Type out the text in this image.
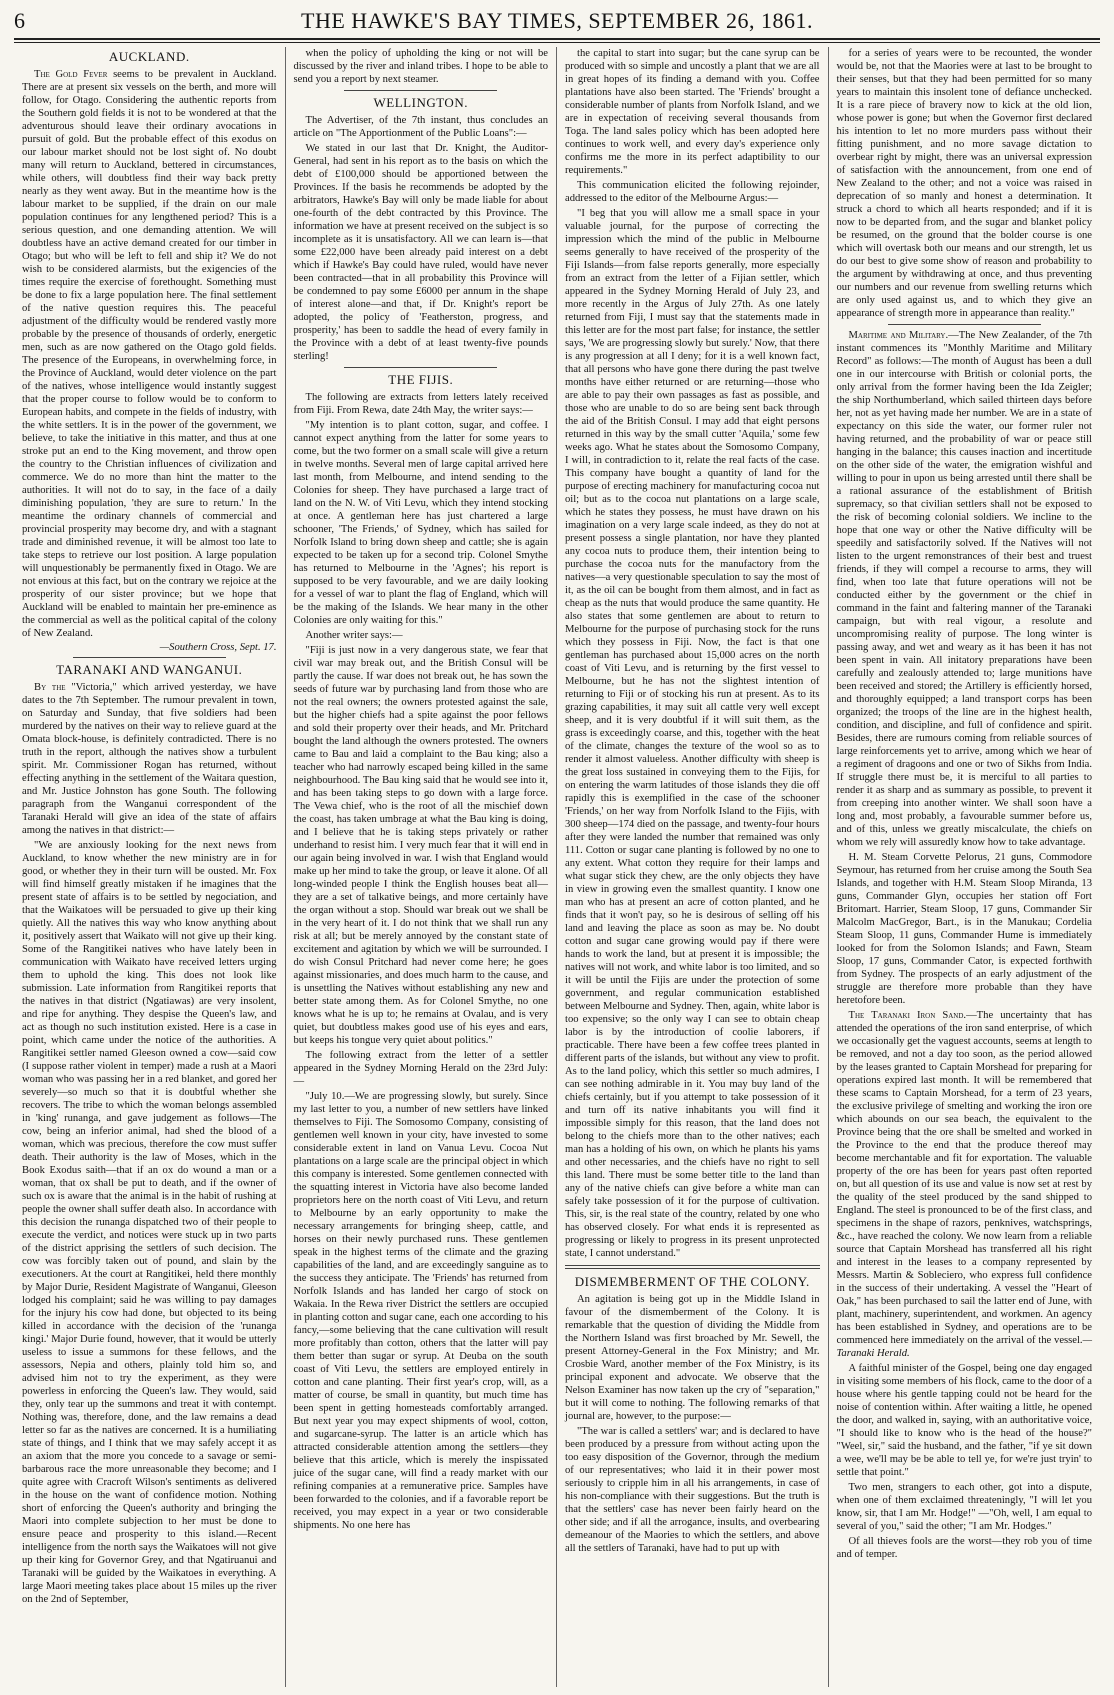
6	THE HAWKE'S BAY TIMES, SEPTEMBER 26, 1861.
AUCKLAND.

The Gold Fever seems to be prevalent in Auckland. There are at present six vessels on the berth, and more will follow, for Otago. Considering the authentic reports from the Southern gold fields it is not to be wondered at that the adventurous should leave their ordinary avocations in pursuit of gold. But the probable effect of this exodus on our labour market should not be lost sight of. No doubt many will return to Auckland, bettered in circumstances, while others, will doubtless find their way back pretty nearly as they went away. But in the meantime how is the labour market to be supplied, if the drain on our male population continues for any lengthened period? This is a serious question, and one demanding attention. We will doubtless have an active demand created for our timber in Otago; but who will be left to fell and ship it? We do not wish to be considered alarmists, but the exigencies of the times require the exercise of forethought. Something must be done to fix a large population here. The final settlement of the native question requires this. The peaceful adjustment of the difficulty would be rendered vastly more probable by the presence of thousands of orderly, energetic men, such as are now gathered on the Otago gold fields. The presence of the Europeans, in overwhelming force, in the Province of Auckland, would deter violence on the part of the natives, whose intelligence would instantly suggest that the proper course to follow would be to conform to European habits, and compete in the fields of industry, with the white settlers. It is in the power of the government, we believe, to take the initiative in this matter, and thus at one stroke put an end to the King movement, and throw open the country to the Christian influences of civilization and commerce. We do no more than hint the matter to the authorities. It will not do to say, in the face of a daily diminishing population, 'they are sure to return.' In the meantime the ordinary channels of commercial and provincial prosperity may become dry, and with a stagnant trade and diminished revenue, it will be almost too late to take steps to retrieve our lost position. A large population will unquestionably be permanently fixed in Otago. We are not envious at this fact, but on the contrary we rejoice at the prosperity of our sister province; but we hope that Auckland will be enabled to maintain her pre-eminence as the commercial as well as the political capital of the colony of New Zealand.

—Southern Cross, Sept. 17.
TARANAKI AND WANGANUI.

By the "Victoria," which arrived yesterday, we have dates to the 7th September. The rumour prevalent in town, on Saturday and Sunday, that five soldiers had been murdered by the natives on their way to relieve guard at the Omata block-house, is definitely contradicted. There is no truth in the report, although the natives show a turbulent spirit. Mr. Commissioner Rogan has returned, without effecting anything in the settlement of the Waitara question, and Mr. Justice Johnston has gone South. The following paragraph from the Wanganui correspondent of the Taranaki Herald will give an idea of the state of affairs among the natives in that district:—

"We are anxiously looking for the next news from Auckland, to know whether the new ministry are in for good, or whether they in their turn will be ousted. Mr. Fox will find himself greatly mistaken if he imagines that the present state of affairs is to be settled by negociation, and that the Waikatoes will be persuaded to give up their king quietly. All the natives this way who know anything about it, positively assert that Waikato will not give up their king. Some of the Rangitikei natives who have lately been in communication with Waikato have received letters urging them to uphold the king. This does not look like submission. Late information from Rangitikei reports that the natives in that district (Ngatiawas) are very insolent, and ripe for anything. They despise the Queen's law, and act as though no such institution existed. Here is a case in point, which came under the notice of the authorities. A Rangitikei settler named Gleeson owned a cow—said cow (I suppose rather violent in temper) made a rush at a Maori woman who was passing her in a red blanket, and gored her severely—so much so that it is doubtful whether she recovers. The tribe to which the woman belongs assembled in 'king' runanga, and gave judgement as follows—The cow, being an inferior animal, had shed the blood of a woman, which was precious, therefore the cow must suffer death. Their authority is the law of Moses, which in the Book Exodus saith—that if an ox do wound a man or a woman, that ox shall be put to death, and if the owner of such ox is aware that the animal is in the habit of rushing at people the owner shall suffer death also. In accordance with this decision the runanga dispatched two of their people to execute the verdict, and notices were stuck up in two parts of the district apprising the settlers of such decision. The cow was forcibly taken out of pound, and slain by the executioners. At the court at Rangitikei, held there monthly by Major Durie, Resident Magistrate of Wanganui, Gleeson lodged his complaint; said he was willing to pay damages for the injury his cow had done, but objected to its being killed in accordance with the decision of the 'runanga kingi.' Major Durie found, however, that it would be utterly useless to issue a summons for these fellows, and the assessors, Nepia and others, plainly told him so, and advised him not to try the experiment, as they were powerless in enforcing the Queen's law. They would, said they, only tear up the summons and treat it with contempt. Nothing was, therefore, done, and the law remains a dead letter so far as the natives are concerned. It is a humiliating state of things, and I think that we may safely accept it as an axiom that the more you concede to a savage or semi-barbarous race the more unreasonable they become; and I quite agree with Cracroft Wilson's sentiments as delivered in the house on the want of confidence motion. Nothing short of enforcing the Queen's authority and bringing the Maori into complete subjection to her must be done to ensure peace and prosperity to this island.—Recent intelligence from the north says the Waikatoes will not give up their king for Governor Grey, and that Ngatiruanui and Taranaki will be guided by the Waikatoes in everything. A large Maori meeting takes place about 15 miles up the river on the 2nd of September,

when the policy of upholding the king or not will be discussed by the river and inland tribes. I hope to be able to send you a report by next steamer.

WELLINGTON.

The Advertiser, of the 7th instant, thus concludes an article on "The Apportionment of the Public Loans":—

We stated in our last that Dr. Knight, the Auditor-General, had sent in his report as to the basis on which the debt of £100,000 should be apportioned between the Provinces. If the basis he recommends be adopted by the arbitrators, Hawke's Bay will only be made liable for about one-fourth of the debt contracted by this Province. The information we have at present received on the subject is so incomplete as it is unsatisfactory. All we can learn is—that some £22,000 have been already paid interest on a debt which if Hawke's Bay could have ruled, would have never been contracted—that in all probability this Province will be condemned to pay some £6000 per annum in the shape of interest alone—and that, if Dr. Knight's report be adopted, the policy of 'Featherston, progress, and prosperity,' has been to saddle the head of every family in the Province with a debt of at least twenty-five pounds sterling!

THE FIJIS.

The following are extracts from letters lately received from Fiji. From Rewa, date 24th May, the writer says:—

"My intention is to plant cotton, sugar, and coffee. I cannot expect anything from the latter for some years to come, but the two former on a small scale will give a return in twelve months. Several men of large capital arrived here last month, from Melbourne, and intend sending to the Colonies for sheep. They have purchased a large tract of land on the N. W. of Viti Levu, which they intend stocking at once. A gentleman here has just chartered a large schooner, 'The Friends,' of Sydney, which has sailed for Norfolk Island to bring down sheep and cattle; she is again expected to be taken up for a second trip. Colonel Smythe has returned to Melbourne in the 'Agnes'; his report is supposed to be very favourable, and we are daily looking for a vessel of war to plant the flag of England, which will be the making of the Islands. We hear many in the other Colonies are only waiting for this."

Another writer says:—

"Fiji is just now in a very dangerous state, we fear that civil war may break out, and the British Consul will be partly the cause. If war does not break out, he has sown the seeds of future war by purchasing land from those who are not the real owners; the owners protested against the sale, but the higher chiefs had a spite against the poor fellows and sold their property over their heads, and Mr. Pritchard bought the land although the owners protested. The owners came to Bau and laid a complaint to the Bau king; also a teacher who had narrowly escaped being killed in the same neighbourhood. The Bau king said that he would see into it, and has been taking steps to go down with a large force. The Vewa chief, who is the root of all the mischief down the coast, has taken umbrage at what the Bau king is doing, and I believe that he is taking steps privately or rather underhand to resist him. I very much fear that it will end in our again being involved in war. I wish that England would make up her mind to take the group, or leave it alone. Of all long-winded people I think the English houses beat all—they are a set of talkative beings, and more certainly have the organ without a stop. Should war break out we shall be in the very heart of it. I do not think that we shall run any risk at all; but be merely annoyed by the constant state of excitement and agitation by which we will be surrounded. I do wish Consul Pritchard had never come here; he goes against missionaries, and does much harm to the cause, and is unsettling the Natives without establishing any new and better state among them. As for Colonel Smythe, no one knows what he is up to; he remains at Ovalau, and is very quiet, but doubtless makes good use of his eyes and ears, but keeps his tongue very quiet about politics."

The following extract from the letter of a settler appeared in the Sydney Morning Herald on the 23rd July:—

"July 10.—We are progressing slowly, but surely. Since my last letter to you, a number of new settlers have linked themselves to Fiji. The Somosomo Company, consisting of gentlemen well known in your city, have invested to some considerable extent in land on Vanua Levu. Cocoa Nut plantations on a large scale are the principal object in which this company is interested. Some gentlemen connected with the squatting interest in Victoria have also become landed proprietors here on the north coast of Viti Levu, and return to Melbourne by an early opportunity to make the necessary arrangements for bringing sheep, cattle, and horses on their newly purchased runs. These gentlemen speak in the highest terms of the climate and the grazing capabilities of the land, and are exceedingly sanguine as to the success they anticipate. The 'Friends' has returned from Norfolk Islands and has landed her cargo of stock on Wakaia. In the Rewa river District the settlers are occupied in planting cotton and sugar cane, each one according to his fancy,—some believing that the cane cultivation will result more profitably than cotton, others that the latter will pay them better than sugar or syrup. At Deuba on the south coast of Viti Levu, the settlers are employed entirely in cotton and cane planting. Their first year's crop, will, as a matter of course, be small in quantity, but much time has been spent in getting homesteads comfortably arranged. But next year you may expect shipments of wool, cotton, and sugarcane-syrup. The latter is an article which has attracted considerable attention among the settlers—they believe that this article, which is merely the inspissated juice of the sugar cane, will find a ready market with our refining companies at a remunerative price. Samples have been forwarded to the colonies, and if a favorable report be received, you may expect in a year or two considerable shipments. No one here has

the capital to start into sugar; but the cane syrup can be produced with so simple and uncostly a plant that we are all in great hopes of its finding a demand with you. Coffee plantations have also been started. The 'Friends' brought a considerable number of plants from Norfolk Island, and we are in expectation of receiving several thousands from Toga. The land sales policy which has been adopted here continues to work well, and every day's experience only confirms me the more in its perfect adaptibility to our requirements."

This communication elicited the following rejoinder, addressed to the editor of the Melbourne Argus:—

"I beg that you will allow me a small space in your valuable journal, for the purpose of correcting the impression which the mind of the public in Melbourne seems generally to have received of the prosperity of the Fiji Islands—from false reports generally, more especially from an extract from the letter of a Fijian settler, which appeared in the Sydney Morning Herald of July 23, and more recently in the Argus of July 27th. As one lately returned from Fiji, I must say that the statements made in this letter are for the most part false; for instance, the settler says, 'We are progressing slowly but surely.' Now, that there is any progression at all I deny; for it is a well known fact, that all persons who have gone there during the past twelve months have either returned or are returning—those who are able to pay their own passages as fast as possible, and those who are unable to do so are being sent back through the aid of the British Consul. I may add that eight persons returned in this way by the small cutter 'Aquila,' some few weeks ago. What he states about the Somosomo Company, I will, in contradiction to it, relate the real facts of the case. This company have bought a quantity of land for the purpose of erecting machinery for manufacturing cocoa nut oil; but as to the cocoa nut plantations on a large scale, which he states they possess, he must have drawn on his imagination on a very large scale indeed, as they do not at present possess a single plantation, nor have they planted any cocoa nuts to produce them, their intention being to purchase the cocoa nuts for the manufactory from the natives—a very questionable speculation to say the most of it, as the oil can be bought from them almost, and in fact as cheap as the nuts that would produce the same quantity. He also states that some gentlemen are about to return to Melbourne for the purpose of purchasing stock for the runs which they possess in Fiji. Now, the fact is that one gentleman has purchased about 15,000 acres on the north coast of Viti Levu, and is returning by the first vessel to Melbourne, but he has not the slightest intention of returning to Fiji or of stocking his run at present. As to its grazing capabilities, it may suit all cattle very well except sheep, and it is very doubtful if it will suit them, as the grass is exceedingly coarse, and this, together with the heat of the climate, changes the texture of the wool so as to render it almost valueless. Another difficulty with sheep is the great loss sustained in conveying them to the Fijis, for on entering the warm latitudes of those islands they die off rapidly this is exemplified in the case of the schooner 'Friends,' on her way from Norfolk Island to the Fijis, with 300 sheep—174 died on the passage, and twenty-four hours after they were landed the number that remained was only 111. Cotton or sugar cane planting is followed by no one to any extent. What cotton they require for their lamps and what sugar stick they chew, are the only objects they have in view in growing even the smallest quantity. I know one man who has at present an acre of cotton planted, and he finds that it won't pay, so he is desirous of selling off his land and leaving the place as soon as may be. No doubt cotton and sugar cane growing would pay if there were hands to work the land, but at present it is impossible; the natives will not work, and white labor is too limited, and so it will be until the Fijis are under the protection of some government, and regular communication established between Melbourne and Sydney. Then, again, white labor is too expensive; so the only way I can see to obtain cheap labor is by the introduction of coolie laborers, if practicable. There have been a few coffee trees planted in different parts of the islands, but without any view to profit. As to the land policy, which this settler so much admires, I can see nothing admirable in it. You may buy land of the chiefs certainly, but if you attempt to take possession of it and turn off its native inhabitants you will find it impossible simply for this reason, that the land does not belong to the chiefs more than to the other natives; each man has a holding of his own, on which he plants his yams and other necessaries, and the chiefs have no right to sell this land. There must be some better title to the land than any of the native chiefs can give before a white man can safely take possession of it for the purpose of cultivation. This, sir, is the real state of the country, related by one who has observed closely. For what ends it is represented as progressing or likely to progress in its present unprotected state, I cannot understand."

DISMEMBERMENT OF THE COLONY.

An agitation is being got up in the Middle Island in favour of the dismemberment of the Colony. It is remarkable that the question of dividing the Middle from the Northern Island was first broached by Mr. Sewell, the present Attorney-General in the Fox Ministry; and Mr. Crosbie Ward, another member of the Fox Ministry, is its principal exponent and advocate. We observe that the Nelson Examiner has now taken up the cry of "separation," but it will come to nothing. The following remarks of that journal are, however, to the purpose:—

"The war is called a settlers' war; and is declared to have been produced by a pressure from without acting upon the too easy disposition of the Governor, through the medium of our representatives; who laid it in their power most seriously to cripple him in all his arrangements, in case of his non-compliance with their suggestions. But the truth is that the settlers' case has never been fairly heard on the other side; and if all the arrogance, insults, and overbearing demeanour of the Maories to which the settlers, and above all the settlers of Taranaki, have had to put up with

for a series of years were to be recounted, the wonder would be, not that the Maories were at last to be brought to their senses, but that they had been permitted for so many years to maintain this insolent tone of defiance unchecked. It is a rare piece of bravery now to kick at the old lion, whose power is gone; but when the Governor first declared his intention to let no more murders pass without their fitting punishment, and no more savage dictation to overbear right by might, there was an universal expression of satisfaction with the announcement, from one end of New Zealand to the other; and not a voice was raised in deprecation of so manly and honest a determination. It struck a chord to which all hearts responded; and if it is now to be departed from, and the sugar and blanket policy be resumed, on the ground that the bolder course is one which will overtask both our means and our strength, let us do our best to give some show of reason and probability to the argument by withdrawing at once, and thus preventing our numbers and our revenue from swelling returns which are only used against us, and to which they give an appearance of strength more in appearance than reality."

Maritime and Military.—The New Zealander, of the 7th instant commences its "Monthly Maritime and Military Record" as follows:—The month of August has been a dull one in our intercourse with British or colonial ports, the only arrival from the former having been the Ida Zeigler; the ship Northumberland, which sailed thirteen days before her, not as yet having made her number. We are in a state of expectancy on this side the water, our former ruler not having returned, and the probability of war or peace still hanging in the balance; this causes inaction and incertitude on the other side of the water, the emigration wishful and willing to pour in upon us being arrested until there shall be a rational assurance of the establishment of British supremacy, so that civilian settlers shall not be exposed to the risk of becoming colonial soldiers. We incline to the hope that one way or other the Native difficulty will be speedily and satisfactorily solved. If the Natives will not listen to the urgent remonstrances of their best and truest friends, if they will compel a recourse to arms, they will find, when too late that future operations will not be conducted either by the government or the chief in command in the faint and faltering manner of the Taranaki campaign, but with real vigour, a resolute and uncompromising reality of purpose. The long winter is passing away, and wet and weary as it has been it has not been spent in vain. All initatory preparations have been carefully and zealously attended to; large munitions have been received and stored; the Artillery is efficiently horsed, and thoroughly equipped; a land transport corps has been organized; the troops of the line are in the highest health, condition, and discipline, and full of confidence and spirit. Besides, there are rumours coming from reliable sources of large reinforcements yet to arrive, among which we hear of a regiment of dragoons and one or two of Sikhs from India. If struggle there must be, it is merciful to all parties to render it as sharp and as summary as possible, to prevent it from creeping into another winter. We shall soon have a long and, most probably, a favourable summer before us, and of this, unless we greatly miscalculate, the chiefs on whom we rely will assuredly know how to take advantage.

H. M. Steam Corvette Pelorus, 21 guns, Commodore Seymour, has returned from her cruise among the South Sea Islands, and together with H.M. Steam Sloop Miranda, 13 guns, Commander Glyn, occupies her station off Fort Britomart. Harrier, Steam Sloop, 17 guns, Commander Sir Malcolm MacGregor, Bart., is in the Manukau; Cordelia Steam Sloop, 11 guns, Commander Hume is immediately looked for from the Solomon Islands; and Fawn, Steam Sloop, 17 guns, Commander Cator, is expected forthwith from Sydney. The prospects of an early adjustment of the struggle are therefore more probable than they have heretofore been.

The Taranaki Iron Sand.—The uncertainty that has attended the operations of the iron sand enterprise, of which we occasionally get the vaguest accounts, seems at length to be removed, and not a day too soon, as the period allowed by the leases granted to Captain Morshead for preparing for operations expired last month. It will be remembered that these scams to Captain Morshead, for a term of 23 years, the exclusive privilege of smelting and working the iron ore which abounds on our sea beach, the equivalent to the Province being that the ore shall be smelted and worked in the Province to the end that the produce thereof may become merchantable and fit for exportation. The valuable property of the ore has been for years past often reported on, but all question of its use and value is now set at rest by the quality of the steel produced by the sand shipped to England. The steel is pronounced to be of the first class, and specimens in the shape of razors, penknives, watchsprings, &c., have reached the colony. We now learn from a reliable source that Captain Morshead has transferred all his right and interest in the leases to a company represented by Messrs. Martin & Sobleciero, who express full confidence in the success of their undertaking. A vessel the "Heart of Oak," has been purchased to sail the latter end of June, with plant, machinery, superintendent, and workmen. An agency has been established in Sydney, and operations are to be commenced here immediately on the arrival of the vessel.—Taranaki Herald.

A faithful minister of the Gospel, being one day engaged in visiting some members of his flock, came to the door of a house where his gentle tapping could not be heard for the noise of contention within. After waiting a little, he opened the door, and walked in, saying, with an authoritative voice, "I should like to know who is the head of the house?" "Weel, sir," said the husband, and the father, "if ye sit down a wee, we'll may be be able to tell ye, for we're just tryin' to settle that point."

Two men, strangers to each other, got into a dispute, when one of them exclaimed threateningly, "I will let you know, sir, that I am Mr. Hodge!" —"Oh, well, I am equal to several of you," said the other; "I am Mr. Hodges."

Of all thieves fools are the worst—they rob you of time and of temper.
